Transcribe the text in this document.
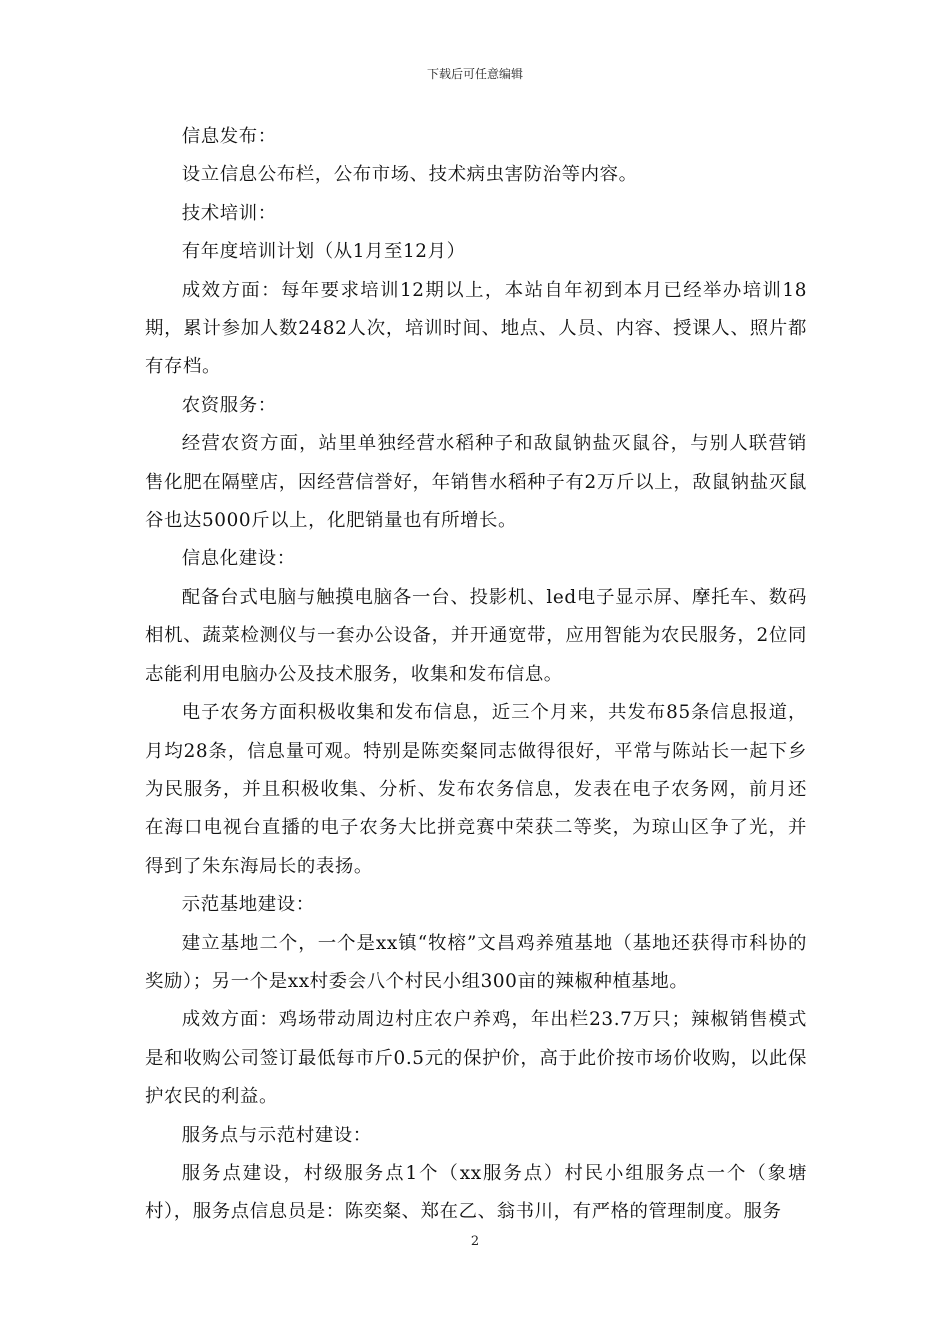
下载后可任意编辑

信息发布：

设立信息公布栏，公布市场、技术病虫害防治等内容。

技术培训：

有年度培训计划（从1月至12月）

成效方面：每年要求培训12期以上，本站自年初到本月已经举办培训18期，累计参加人数2482人次，培训时间、地点、人员、内容、授课人、照片都有存档。

农资服务：

经营农资方面，站里单独经营水稻种子和敌鼠钠盐灭鼠谷，与别人联营销售化肥在隔壁店，因经营信誉好，年销售水稻种子有2万斤以上，敌鼠钠盐灭鼠谷也达5000斤以上，化肥销量也有所增长。

信息化建设：

配备台式电脑与触摸电脑各一台、投影机、led电子显示屏、摩托车、数码相机、蔬菜检测仪与一套办公设备，并开通宽带，应用智能为农民服务，2位同志能利用电脑办公及技术服务，收集和发布信息。

电子农务方面积极收集和发布信息，近三个月来，共发布85条信息报道，月均28条，信息量可观。特别是陈奕粲同志做得很好，平常与陈站长一起下乡为民服务，并且积极收集、分析、发布农务信息，发表在电子农务网，前月还在海口电视台直播的电子农务大比拼竞赛中荣获二等奖，为琼山区争了光，并得到了朱东海局长的表扬。

示范基地建设：

建立基地二个，一个是xx镇“牧榕”文昌鸡养殖基地（基地还获得市科协的奖励）；另一个是xx村委会八个村民小组300亩的辣椒种植基地。

成效方面：鸡场带动周边村庄农户养鸡，年出栏23.7万只；辣椒销售模式是和收购公司签订最低每市斤0.5元的保护价，高于此价按市场价收购，以此保护农民的利益。

服务点与示范村建设：

服务点建设，村级服务点1个（xx服务点）村民小组服务点一个（象塘村），服务点信息员是：陈奕粲、郑在乙、翁书川，有严格的管理制度。服务

2
